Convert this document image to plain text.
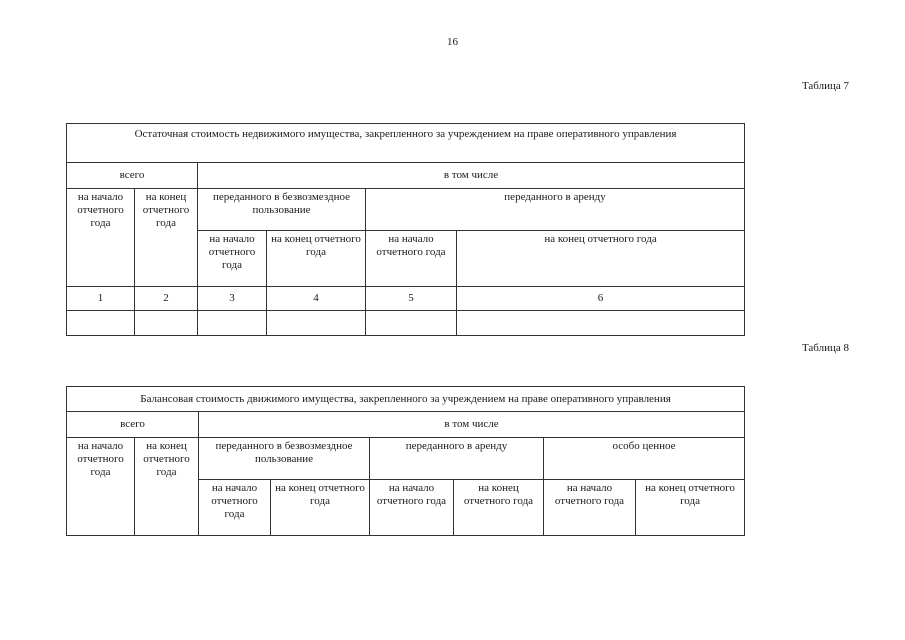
16
Таблица 7
Остаточная стоимость недвижимого имущества, закрепленного за учреждением на праве оперативного управления					
всего		в том числе			
на начало отчетного года	на конец отчетного года	переданного в безвозмездное пользование		переданного в аренду	
		на начало отчетного года	на конец отчетного года	на начало отчетного года	на конец отчетного года
1	2	3	4	5	6

Таблица 8
Балансовая стоимость движимого имущества, закрепленного за учреждением на праве оперативного управления							
всего		в том числе					
на начало отчетного года	на конец отчетного года	переданного в безвозмездное пользование		переданного в аренду		особо ценное	
		на начало отчетного года	на конец отчетного года	на начало отчетного года	на конец отчетного года	на начало отчетного года	на конец отчетного года
